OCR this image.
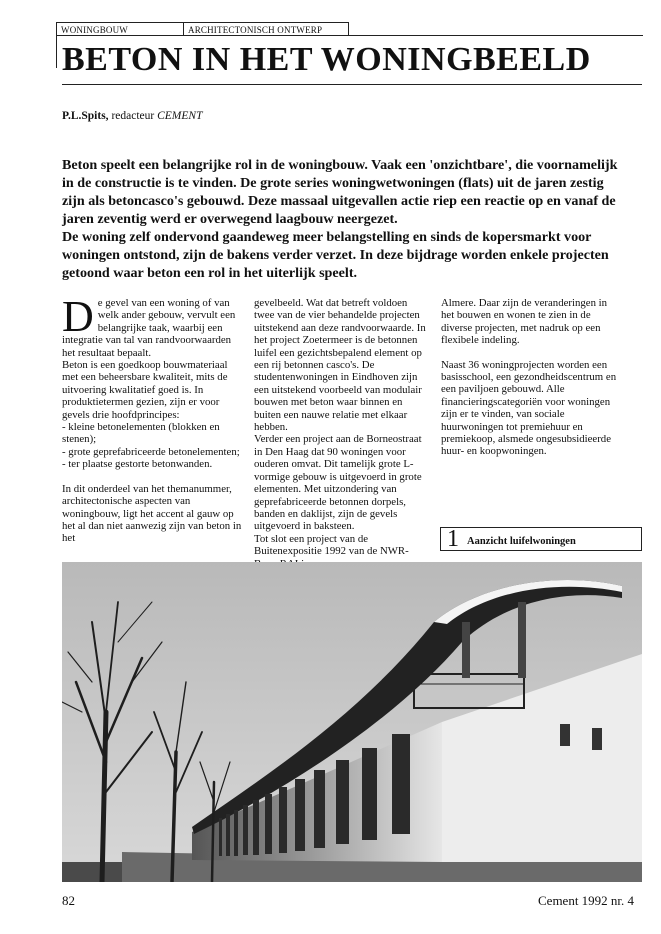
WONINGBOUW	ARCHITECTONISCH ONTWERP
BETON IN HET WONINGBEELD
P.L.Spits, redacteur CEMENT

Beton speelt een belangrijke rol in de woningbouw. Vaak een 'onzichtbare', die voornamelijk in de constructie is te vinden. De grote series woningwetwoningen (flats) uit de jaren zestig zijn als betoncasco's gebouwd. Deze massaal uitgevallen actie riep een reactie op en vanaf de jaren zeventig werd er overwegend laagbouw neergezet.

De woning zelf ondervond gaandeweg meer belangstelling en sinds de kopersmarkt voor woningen ontstond, zijn de bakens verder verzet. In deze bijdrage worden enkele projecten getoond waar beton een rol in het uiterlijk speelt.

De gevel van een woning of van welk ander gebouw, vervult een belangrijke taak, waarbij een integratie van tal van randvoorwaarden het resultaat bepaalt.

Beton is een goedkoop bouwmateriaal met een beheersbare kwaliteit, mits de uitvoering kwalitatief goed is. In produktietermen gezien, zijn er voor gevels drie hoofdprincipes:

- kleine betonelementen (blokken en stenen);

- grote geprefabriceerde betonelementen;

- ter plaatse gestorte betonwanden.

In dit onderdeel van het themanummer, architectonische aspecten van woningbouw, ligt het accent al gauw op het al dan niet aanwezig zijn van beton in het

gevelbeeld. Wat dat betreft voldoen twee van de vier behandelde projecten uitstekend aan deze randvoorwaarde. In het project Zoetermeer is de betonnen luifel een gezichtsbepalend element op een rij betonnen casco's. De studentenwoningen in Eindhoven zijn een uitstekend voorbeeld van modulair bouwen met beton waar binnen en buiten een nauwe relatie met elkaar hebben.

Verder een project aan de Borneostraat in Den Haag dat 90 woningen voor ouderen omvat. Dit tamelijk grote L-vormige gebouw is uitgevoerd in grote elementen. Met uitzondering van geprefabriceerde betonnen dorpels, banden en daklijst, zijn de gevels uitgevoerd in baksteen.

Tot slot een project van de Buitenexpositie 1992 van de NWR-

Almere. Daar zijn de veranderingen in het bouwen en wonen te zien in de diverse projecten, met nadruk op een flexibele indeling.

Naast 36 woningprojecten worden een basisschool, een gezondheidscentrum en een paviljoen gebouwd. Alle financieringscategoriën voor woningen zijn er te vinden, van sociale huurwoningen tot premiehuur en premiekoop, alsmede ongesubsidieerde huur- en koopwoningen.

1 Aanzicht luifelwoningen
82	Cement 1992 nr. 4
